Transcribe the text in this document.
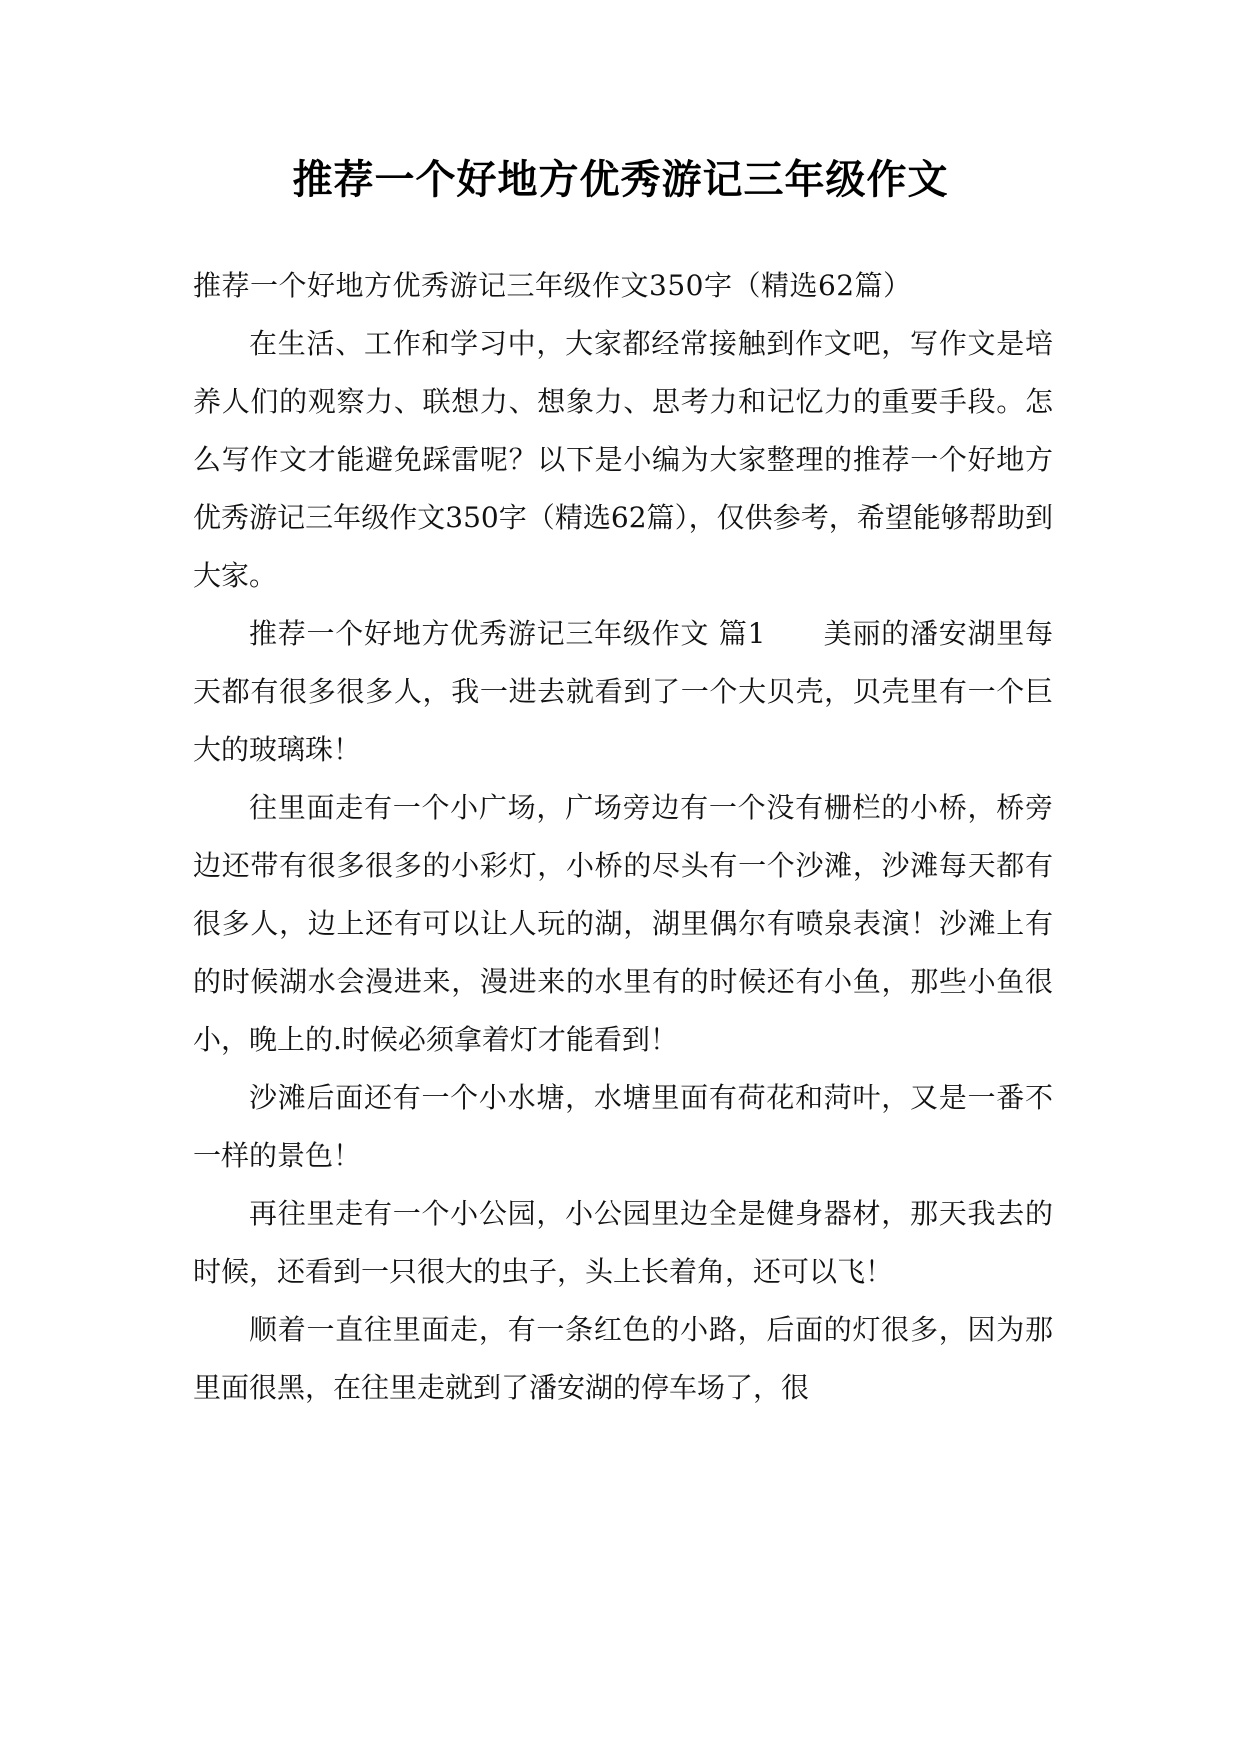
推荐一个好地方优秀游记三年级作文

推荐一个好地方优秀游记三年级作文350字（精选62篇）

在生活、工作和学习中，大家都经常接触到作文吧，写作文是培养人们的观察力、联想力、想象力、思考力和记忆力的重要手段。怎么写作文才能避免踩雷呢？以下是小编为大家整理的推荐一个好地方优秀游记三年级作文350字（精选62篇），仅供参考，希望能够帮助到大家。

推荐一个好地方优秀游记三年级作文 篇1　　美丽的潘安湖里每天都有很多很多人，我一进去就看到了一个大贝壳，贝壳里有一个巨大的玻璃珠！

往里面走有一个小广场，广场旁边有一个没有栅栏的小桥，桥旁边还带有很多很多的小彩灯，小桥的尽头有一个沙滩，沙滩每天都有很多人，边上还有可以让人玩的湖，湖里偶尔有喷泉表演！沙滩上有的时候湖水会漫进来，漫进来的水里有的时候还有小鱼，那些小鱼很小，晚上的.时候必须拿着灯才能看到！

沙滩后面还有一个小水塘，水塘里面有荷花和菏叶，又是一番不一样的景色！

再往里走有一个小公园，小公园里边全是健身器材，那天我去的时候，还看到一只很大的虫子，头上长着角，还可以飞！

顺着一直往里面走，有一条红色的小路，后面的灯很多，因为那里面很黑，在往里走就到了潘安湖的停车场了，很
